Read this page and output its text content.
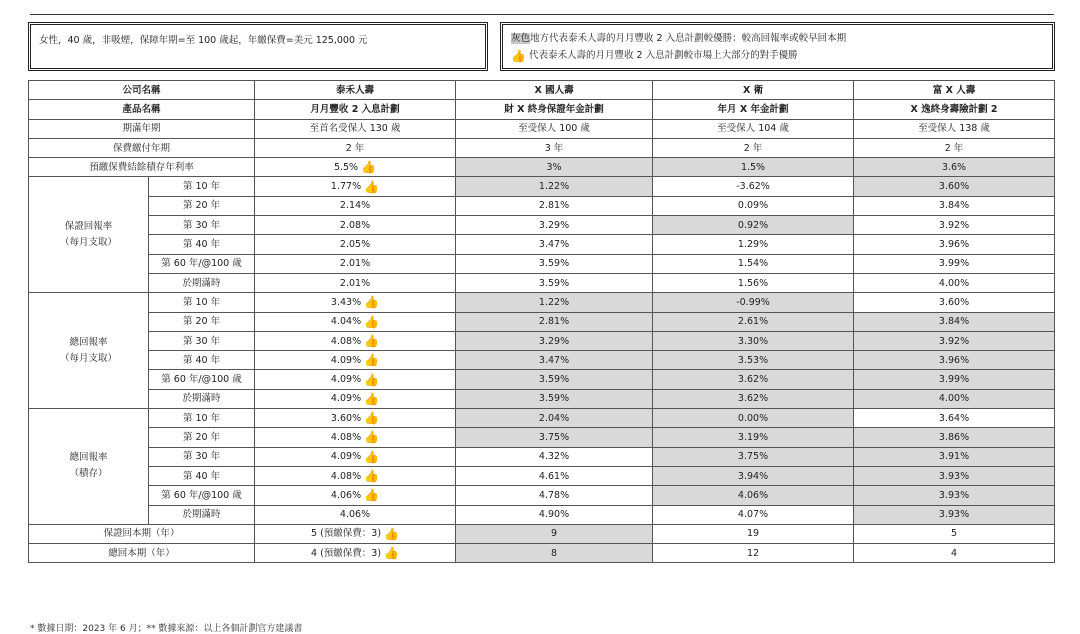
女性，40 歲，非吸煙，保障年期=至 100 歲起，年繳保費=美元 125,000 元	灰色地方代表泰禾人壽的月月豐收 2 入息計劃較優勝：較高回報率或較早回本期
👍 代表泰禾人壽的月月豐收 2 入息計劃較市場上大部分的對手優勝
公司名稱		泰禾人壽	X 國人壽	X 衛	富 X 人壽
產品名稱		月月豐收 2 入息計劃	財 X 終身保證年金計劃	年月 X 年金計劃	X 逸終身壽險計劃 2
期滿年期		至首名受保人 130 歲	至受保人 100 歲	至受保人 104 歲	至受保人 138 歲
保費繳付年期		2 年	3 年	2 年	2 年
預繳保費結餘積存年利率		5.5% 👍	3%	1.5%	3.6%
保證回報率
（每月支取）	第 10 年	1.77% 👍	1.22%	-3.62%	3.60%
	第 20 年	2.14%	2.81%	0.09%	3.84%
	第 30 年	2.08%	3.29%	0.92%	3.92%
	第 40 年	2.05%	3.47%	1.29%	3.96%
	第 60 年/@100 歲	2.01%	3.59%	1.54%	3.99%
	於期滿時	2.01%	3.59%	1.56%	4.00%
總回報率
（每月支取）	第 10 年	3.43% 👍	1.22%	-0.99%	3.60%
	第 20 年	4.04% 👍	2.81%	2.61%	3.84%
	第 30 年	4.08% 👍	3.29%	3.30%	3.92%
	第 40 年	4.09% 👍	3.47%	3.53%	3.96%
	第 60 年/@100 歲	4.09% 👍	3.59%	3.62%	3.99%
	於期滿時	4.09% 👍	3.59%	3.62%	4.00%
總回報率
（積存）	第 10 年	3.60% 👍	2.04%	0.00%	3.64%
	第 20 年	4.08% 👍	3.75%	3.19%	3.86%
	第 30 年	4.09% 👍	4.32%	3.75%	3.91%
	第 40 年	4.08% 👍	4.61%	3.94%	3.93%
	第 60 年/@100 歲	4.06% 👍	4.78%	4.06%	3.93%
	於期滿時	4.06%	4.90%	4.07%	3.93%
保證回本期（年）		5 (預繳保費：3) 👍	9	19	5
總回本期（年）		4 (預繳保費：3) 👍	8	12	4
* 數據日期：2023 年 6 月；** 數據來源：以上各個計劃官方建議書
